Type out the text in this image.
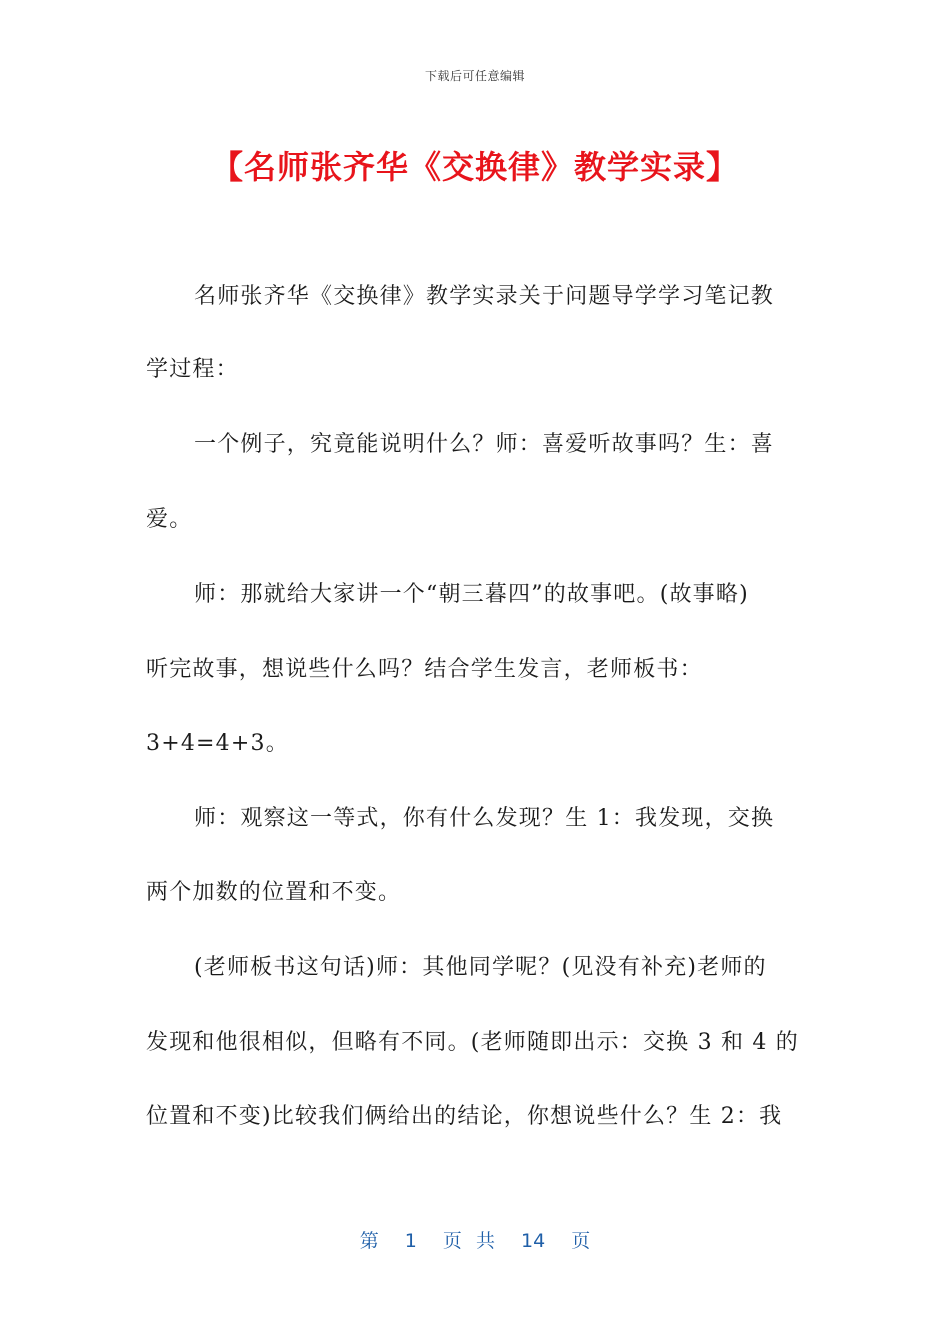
下载后可任意编辑
【名师张齐华《交换律》教学实录】
名师张齐华《交换律》教学实录关于问题导学学习笔记教
学过程：
一个例子，究竟能说明什么？师：喜爱听故事吗？生：喜
爱。
师：那就给大家讲一个“朝三暮四”的故事吧。(故事略)
听完故事，想说些什么吗？结合学生发言，老师板书：
3+4=4+3。
师：观察这一等式，你有什么发现？生 1：我发现，交换
两个加数的位置和不变。
(老师板书这句话)师：其他同学呢？(见没有补充)老师的
发现和他很相似，但略有不同。(老师随即出示：交换 3 和 4 的
位置和不变)比较我们俩给出的结论，你想说些什么？生 2：我
第 1 页 共 14 页
